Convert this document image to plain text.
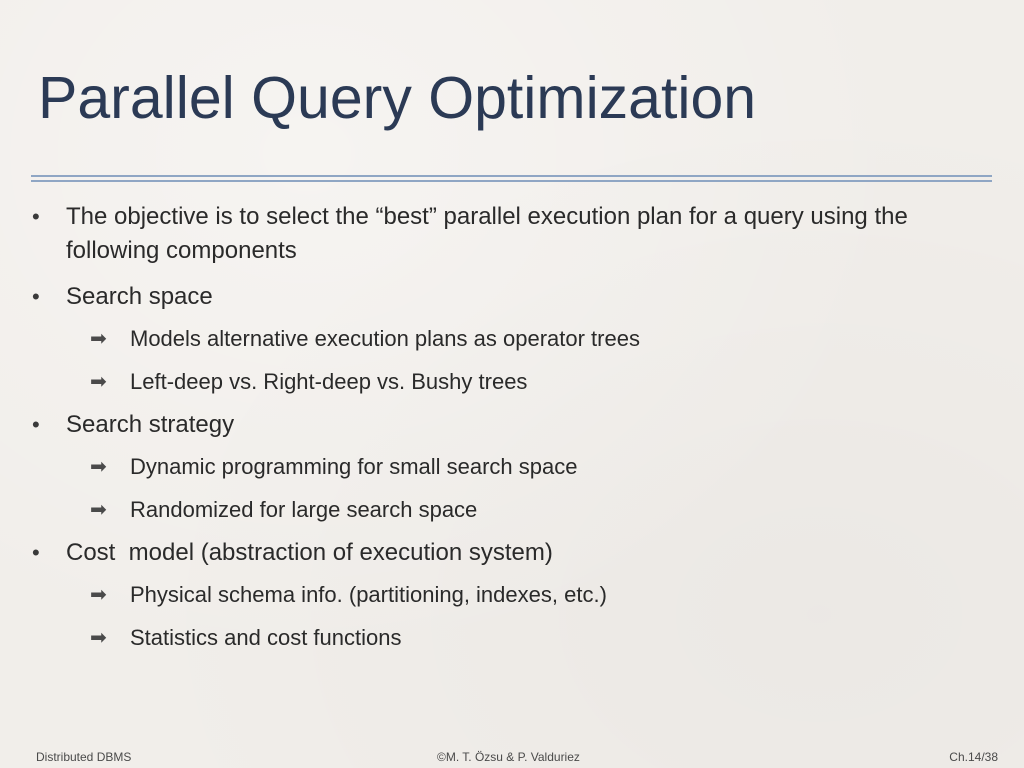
Parallel Query Optimization
• The objective is to select the “best” parallel execution plan for a query using the following components
• Search space
➡ Models alternative execution plans as operator trees
➡ Left-deep vs. Right-deep vs. Bushy trees
• Search strategy
➡ Dynamic programming for small search space
➡ Randomized for large search space
• Cost  model (abstraction of execution system)
➡ Physical schema info. (partitioning, indexes, etc.)
➡ Statistics and cost functions
Distributed DBMS	©M. T. Özsu & P. Valduriez	Ch.14/38
